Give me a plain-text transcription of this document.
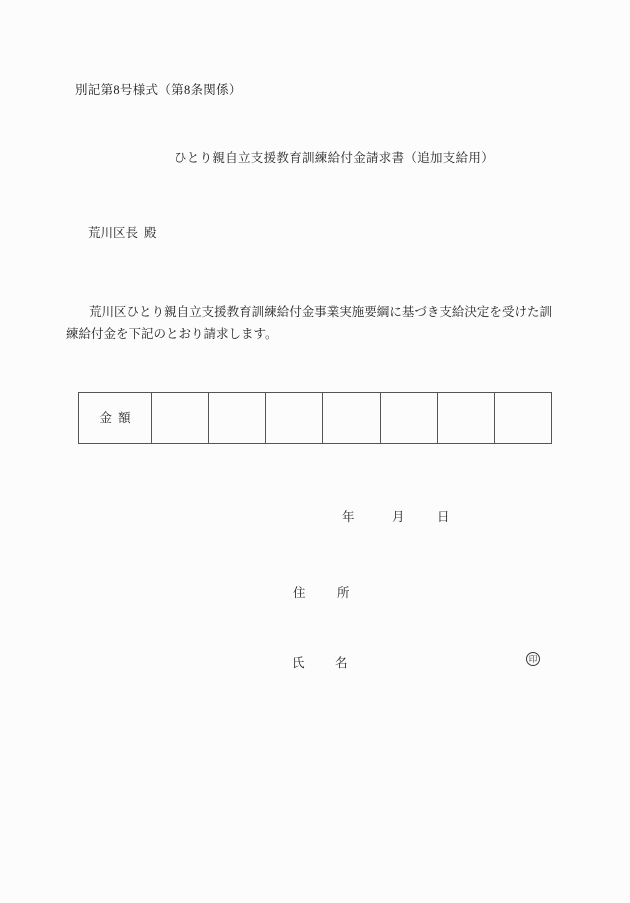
別記第8号様式（第8条関係）
ひとり親自立支援教育訓練給付金請求書（追加支給用）
荒川区長 殿
荒川区ひとり親自立支援教育訓練給付金事業実施要綱に基づき支給決定を受けた訓
練給付金を下記のとおり請求します。
金 額							
年	月	日
住	所
氏 名	印
